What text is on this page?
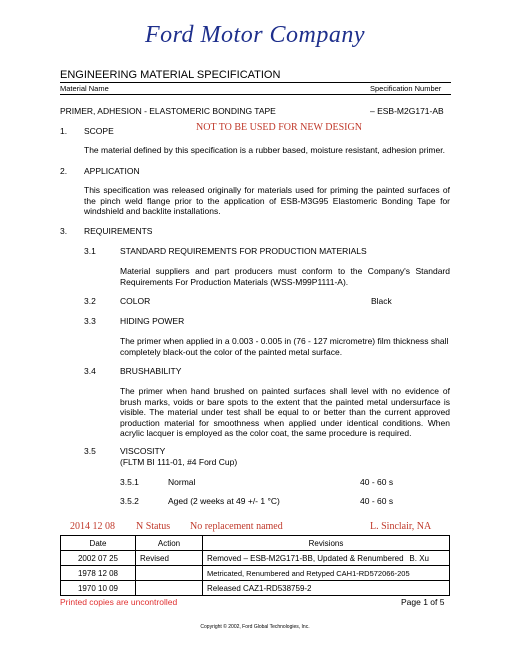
Ford Motor Company
ENGINEERING MATERIAL SPECIFICATION
Material Name	Specification Number
PRIMER, ADHESION - ELASTOMERIC BONDING TAPE	– ESB-M2G171-AB
1. SCOPE	NOT TO BE USED FOR NEW DESIGN
The material defined by this specification is a rubber based, moisture resistant, adhesion primer.
2. APPLICATION
This specification was released originally for materials used for priming the painted surfaces of the pinch weld flange prior to the application of ESB-M3G95 Elastomeric Bonding Tape for windshield and backlite installations.
3. REQUIREMENTS
3.1	STANDARD REQUIREMENTS FOR PRODUCTION MATERIALS
Material suppliers and part producers must conform to the Company's Standard Requirements For Production Materials (WSS-M99P1111-A).
3.2	COLOR	Black
3.3	HIDING POWER
The primer when applied in a 0.003 - 0.005 in (76 - 127 micrometre) film thickness shall completely black-out the color of the painted metal surface.
3.4	BRUSHABILITY
The primer when hand brushed on painted surfaces shall level with no evidence of brush marks, voids or bare spots to the extent that the painted metal undersurface is visible. The material under test shall be equal to or better than the current approved production material for smoothness when applied under identical conditions. When acrylic lacquer is employed as the color coat, the same procedure is required.
3.5	VISCOSITY
(FLTM BI 111-01, #4 Ford Cup)
3.5.1	Normal	40 - 60 s
3.5.2	Aged (2 weeks at 49 +/- 1 °C)	40 - 60 s
2014 12 08 N Status No replacement named	L. Sinclair, NA
Date	Action	Revisions
2002 07 25	Revised	Removed – ESB-M2G171-BB, Updated & Renumbered B. Xu

1978 12 08		Metricated, Renumbered and Retyped CAH1-RD572066-205
1970 10 09		Released CAZ1-RD538759-2
Printed copies are uncontrolled	Page 1 of 5
Copyright © 2002, Ford Global Technologies, Inc.
